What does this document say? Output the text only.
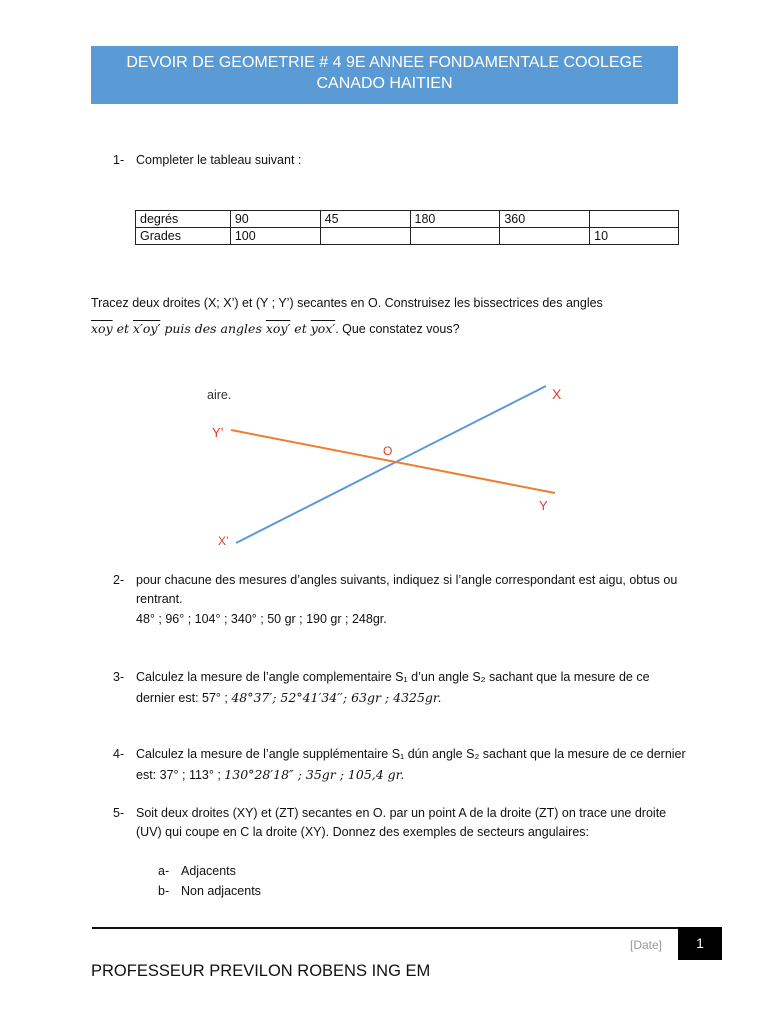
DEVOIR DE GEOMETRIE # 4 9E ANNEE FONDAMENTALE COOLEGE
CANADO HAITIEN
1- Completer le tableau suivant :
degrés	90	45	180	360	
Grades	100				10
Tracez deux droites (X; X’) et (Y ; Y’) secantes en O. Construisez les bissectrices des angles
$\overline{xoy}$ et x′oy′ puis des angles xoy′ et yox′. Que constatez vous?
aire.	X
X’
Y
Y’
O
2- pour chacune des mesures d’angles suivants, indiquez si l’angle correspondant est aigu, obtus ou
rentrant.
48° ; 96° ; 104° ; 340° ; 50 gr ; 190 gr ; 248gr.
3- Calculez la mesure de l’angle complementaire S₁ d’un angle S₂ sachant que la mesure de ce
dernier est: 57° ; 48°37′; 52°41′34′′; 63gr ; 4325gr.
4- Calculez la mesure de l’angle supplémentaire S₁ dún angle S₂ sachant que la mesure de ce dernier
est: 37° ; 113° ; 130°28′18″ ; 35gr ; 105,4 gr.
5- Soit deux droites (XY) et (ZT) secantes en O. par un point A de la droite (ZT) on trace une droite
(UV) qui coupe en C la droite (XY). Donnez des exemples de secteurs angulaires:
a- Adjacents
b- Non adjacents
[Date]	1
PROFESSEUR PREVILON ROBENS ING EM
